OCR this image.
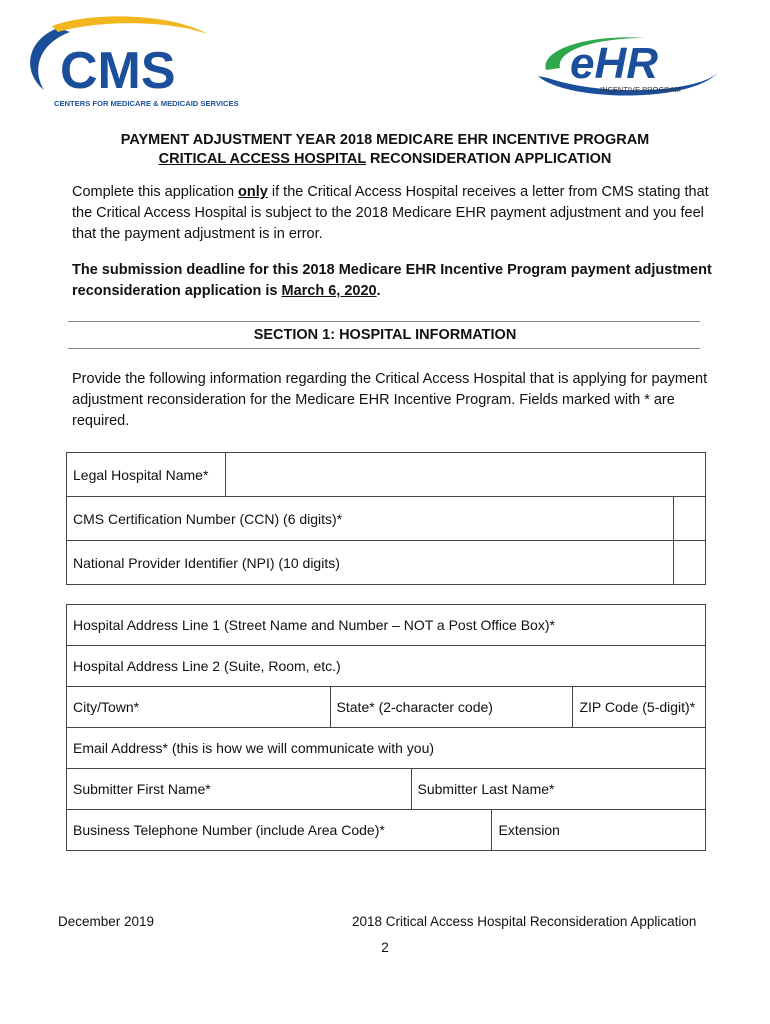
CMS
CENTERS FOR MEDICARE & MEDICAID SERVICES
eHR
INCENTIVE PROGRAM
PAYMENT ADJUSTMENT YEAR 2018 MEDICARE EHR INCENTIVE PROGRAM
CRITICAL ACCESS HOSPITAL RECONSIDERATION APPLICATION
Complete this application only if the Critical Access Hospital receives a letter from CMS stating that the Critical Access Hospital is subject to the 2018 Medicare EHR payment adjustment and you feel that the payment adjustment is in error.
The submission deadline for this 2018 Medicare EHR Incentive Program payment adjustment reconsideration application is March 6, 2020.
SECTION 1: HOSPITAL INFORMATION
Provide the following information regarding the Critical Access Hospital that is applying for payment adjustment reconsideration for the Medicare EHR Incentive Program. Fields marked with * are required.
Legal Hospital Name*		
CMS Certification Number (CCN) (6 digits)*		
National Provider Identifier (NPI) (10 digits)		
Hospital Address Line 1 (Street Name and Number – NOT a Post Office Box)*				
Hospital Address Line 2 (Suite, Room, etc.)				
City/Town*	State* (2-character code)			ZIP Code (5-digit)*
Email Address* (this is how we will communicate with you)				
Submitter First Name*		Submitter Last Name*		
Business Telephone Number (include Area Code)*			Extension	
December 2019	2018 Critical Access Hospital Reconsideration Application
2
